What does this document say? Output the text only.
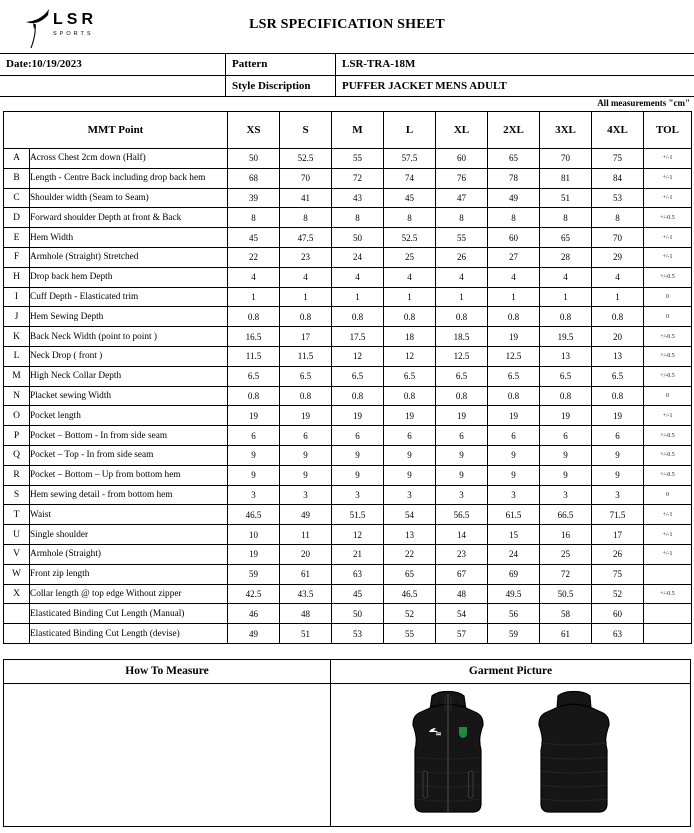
LSR
SPORTS
LSR SPECIFICATION SHEET
Date:10/19/2023	Pattern	LSR-TRA-18M
Style Discription	PUFFER JACKET MENS ADULT
All measurements "cm"
MMT Point		XS	S	M	L	XL	2XL	3XL	4XL	TOL
A	Across Chest 2cm down (Half)	50	52.5	55	57.5	60	65	70	75	+/-1
B	Length - Centre Back including drop back hem	68	70	72	74	76	78	81	84	+/-1
C	Shoulder width (Seam to Seam)	39	41	43	45	47	49	51	53	+/-1
D	Forward shoulder Depth at front & Back	8	8	8	8	8	8	8	8	+/-0.5
E	Hem Width	45	47.5	50	52.5	55	60	65	70	+/-1
F	Armhole (Straight) Stretched	22	23	24	25	26	27	28	29	+/-1
H	Drop back hem Depth	4	4	4	4	4	4	4	4	+/-0.5
I	Cuff Depth - Elasticated trim	1	1	1	1	1	1	1	1	0
J	Hem Sewing Depth	0.8	0.8	0.8	0.8	0.8	0.8	0.8	0.8	0
K	Back Neck Width (point to point )	16.5	17	17.5	18	18.5	19	19.5	20	+/-0.5
L	Neck Drop ( front )	11.5	11.5	12	12	12.5	12.5	13	13	+/-0.5
M	High Neck Collar Depth	6.5	6.5	6.5	6.5	6.5	6.5	6.5	6.5	+/-0.5
N	Placket sewing Width	0.8	0.8	0.8	0.8	0.8	0.8	0.8	0.8	0
O	Pocket length	19	19	19	19	19	19	19	19	+/-1
P	Pocket – Bottom - In from side seam	6	6	6	6	6	6	6	6	+/-0.5
Q	Pocket – Top - In from side seam	9	9	9	9	9	9	9	9	+/-0.5
R	Pocket – Bottom – Up from bottom hem	9	9	9	9	9	9	9	9	+/-0.5
S	Hem sewing detail - from bottom hem	3	3	3	3	3	3	3	3	0
T	Waist	46.5	49	51.5	54	56.5	61.5	66.5	71.5	+/-1
U	Single shoulder	10	11	12	13	14	15	16	17	+/-1
V	Armhole (Straight)	19	20	21	22	23	24	25	26	+/-1
W	Front zip length	59	61	63	65	67	69	72	75	
X	Collar length @ top edge Without zipper	42.5	43.5	45	46.5	48	49.5	50.5	52	+/-0.5
	Elasticated Binding Cut Length (Manual)	46	48	50	52	54	56	58	60	
	Elasticated Binding Cut Length (devise)	49	51	53	55	57	59	61	63	
How To Measure	Garment Picture
